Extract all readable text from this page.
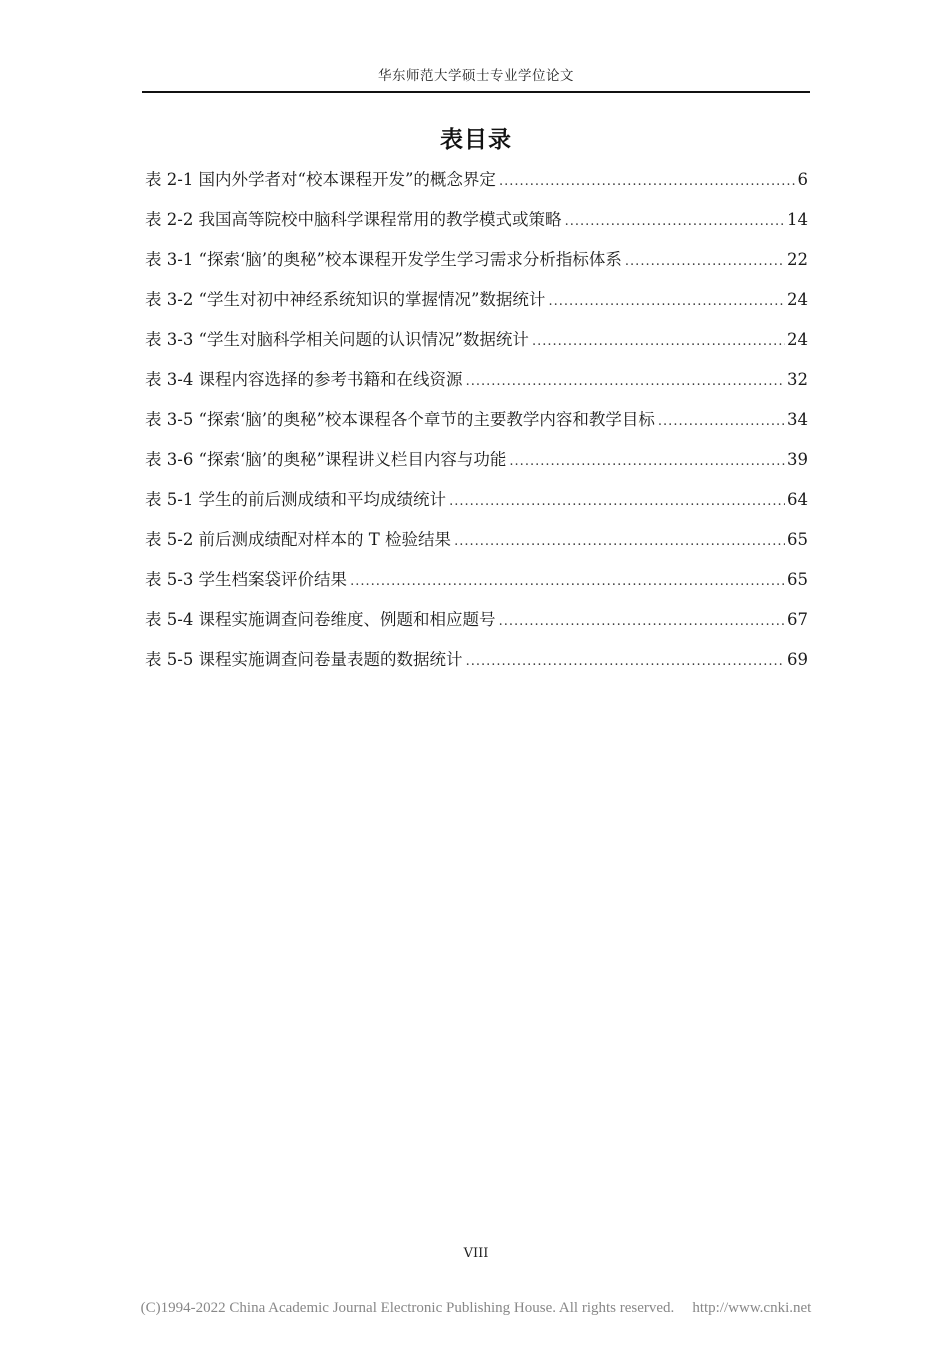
华东师范大学硕士专业学位论文
表目录
表 2-1 国内外学者对“校本课程开发”的概念界定 .....	6
表 2-2 我国高等院校中脑科学课程常用的教学模式或策略 .....	14
表 3-1 “探索‘脑’的奥秘”校本课程开发学生学习需求分析指标体系 .....	22
表 3-2 “学生对初中神经系统知识的掌握情况”数据统计 .....	24
表 3-3 “学生对脑科学相关问题的认识情况”数据统计 .....	24
表 3-4 课程内容选择的参考书籍和在线资源 .....	32
表 3-5 “探索‘脑’的奥秘”校本课程各个章节的主要教学内容和教学目标 .....	34
表 3-6 “探索‘脑’的奥秘”课程讲义栏目内容与功能 .....	39
表 5-1 学生的前后测成绩和平均成绩统计 .....	64
表 5-2 前后测成绩配对样本的 T 检验结果 .....	65
表 5-3 学生档案袋评价结果 .....	65
表 5-4 课程实施调查问卷维度、例题和相应题号 .....	67
表 5-5 课程实施调查问卷量表题的数据统计 .....	69
VIII
(C)1994-2022 China Academic Journal Electronic Publishing House. All rights reserved. http://www.cnki.net
